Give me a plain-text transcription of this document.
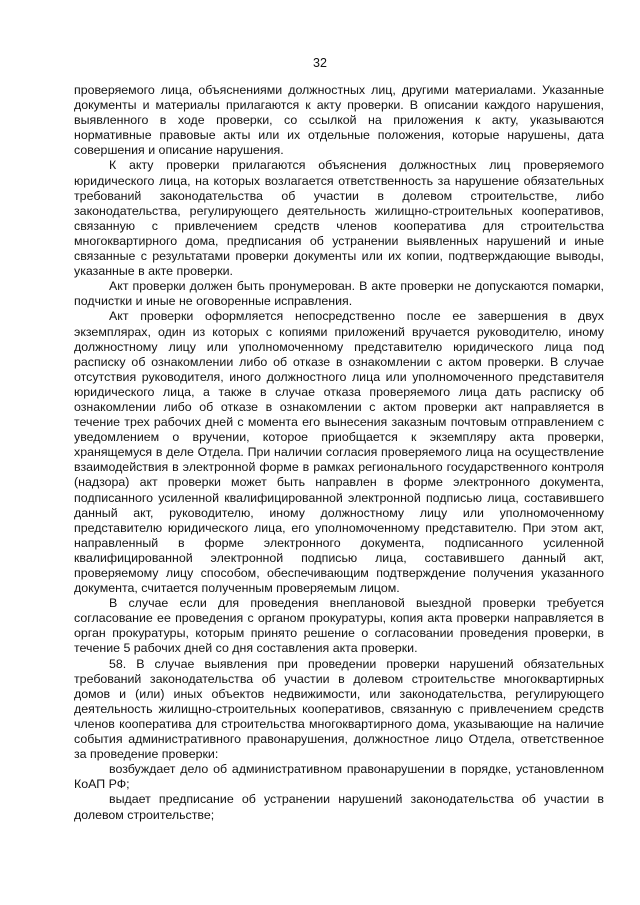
32

проверяемого лица, объяснениями должностных лиц, другими материалами. Указанные документы и материалы прилагаются к акту проверки. В описании каждого нарушения, выявленного в ходе проверки, со ссылкой на приложения к акту, указываются нормативные правовые акты или их отдельные положения, которые нарушены, дата совершения и описание нарушения.

К акту проверки прилагаются объяснения должностных лиц проверяемого юридического лица, на которых возлагается ответственность за нарушение обязательных требований законодательства об участии в долевом строительстве, либо законодательства, регулирующего деятельность жилищно-строительных кооперативов, связанную с привлечением средств членов кооператива для строительства многоквартирного дома, предписания об устранении выявленных нарушений и иные связанные с результатами проверки документы или их копии, подтверждающие выводы, указанные в акте проверки.

Акт проверки должен быть пронумерован. В акте проверки не допускаются помарки, подчистки и иные не оговоренные исправления.

Акт проверки оформляется непосредственно после ее завершения в двух экземплярах, один из которых с копиями приложений вручается руководителю, иному должностному лицу или уполномоченному представителю юридического лица под расписку об ознакомлении либо об отказе в ознакомлении с актом проверки. В случае отсутствия руководителя, иного должностного лица или уполномоченного представителя юридического лица, а также в случае отказа проверяемого лица дать расписку об ознакомлении либо об отказе в ознакомлении с актом проверки акт направляется в течение трех рабочих дней с момента его вынесения заказным почтовым отправлением с уведомлением о вручении, которое приобщается к экземпляру акта проверки, хранящемуся в деле Отдела. При наличии согласия проверяемого лица на осуществление взаимодействия в электронной форме в рамках регионального государственного контроля (надзора) акт проверки может быть направлен в форме электронного документа, подписанного усиленной квалифицированной электронной подписью лица, составившего данный акт, руководителю, иному должностному лицу или уполномоченному представителю юридического лица, его уполномоченному представителю. При этом акт, направленный в форме электронного документа, подписанного усиленной квалифицированной электронной подписью лица, составившего данный акт, проверяемому лицу способом, обеспечивающим подтверждение получения указанного документа, считается полученным проверяемым лицом.

В случае если для проведения внеплановой выездной проверки требуется согласование ее проведения с органом прокуратуры, копия акта проверки направляется в орган прокуратуры, которым принято решение о согласовании проведения проверки, в течение 5 рабочих дней со дня составления акта проверки.

58. В случае выявления при проведении проверки нарушений обязательных требований законодательства об участии в долевом строительстве многоквартирных домов и (или) иных объектов недвижимости, или законодательства, регулирующего деятельность жилищно-строительных кооперативов, связанную с привлечением средств членов кооператива для строительства многоквартирного дома, указывающие на наличие события административного правонарушения, должностное лицо Отдела, ответственное за проведение проверки:

возбуждает дело об административном правонарушении в порядке, установленном КоАП РФ;

выдает предписание об устранении нарушений законодательства об участии в долевом строительстве;
